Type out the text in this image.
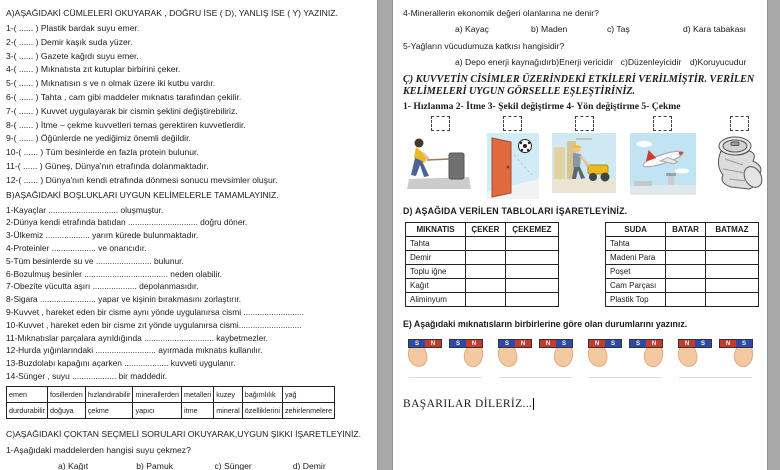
A)AŞAĞIDAKİ CÜMLELERİ OKUYARAK , DOĞRU İSE ( D), YANLIŞ İSE ( Y) YAZINIZ.
1-( ...... ) Plastik bardak suyu emer.
2-( ...... ) Demir kaşık suda yüzer.
3-( ...... ) Gazete kağıdı suyu emer.
4-( ...... ) Mıknatısta zıt kutuplar birbirini çeker.
5-( ...... ) Mıknatısın s ve n olmak üzere iki kutbu vardır.
6-( ...... ) Tahta , cam gibi maddeler mıknatıs tarafından çekilir.
7-( ...... ) Kuvvet uygulayarak bir cismin şeklini değiştirebiliriz.
8-( ...... ) İtme – çekme kuvvetleri temas gerektiren kuvvetlerdir.
9-( ...... ) Öğünlerde ne yediğimiz önemli değildir.
10-( ...... ) Tüm besinlerde en fazla protein bulunur.
11-( ...... ) Güneş, Dünya'nın etrafında dolanmaktadır.
12-( ...... ) Dünya'nın kendi etrafında dönmesi sonucu mevsimler oluşur.
B)AŞAĞIDAKİ BOŞLUKLARI UYGUN KELİMELERLE TAMAMLAYINIZ.
1-Kayaçlar .............................. oluşmuştur.
2-Dünya kendi etrafında batıdan .............................. doğru döner.
3-Ülkemiz ................... yarım kürede bulunmaktadır.
4-Proteinler ................... ve onarıcıdır.
5-Tüm besinlerde su ve ........................ bulunur.
6-Bozulmuş besinler .................................... neden olabilir.
7-Obezite vücutta aşırı ................... depolanmasıdır.
8-Sigara ........................ yapar ve kişinin bırakmasını zorlaştırır.
9-Kuvvet , hareket eden bir cisme aynı yönde uygulanırsa cismi ..........................
10-Kuvvet , hareket eden bir cisme zıt yönde uygulanırsa cismi...........................
11-Mıknatıslar parçalara ayrıldığında .............................. kaybetmezler.
12-Hurda yığınlarındaki .......................... ayırmada mıknatıs kullanılır.
13-Buzdolabı kapağını açarken ................... kuvveti uygulanır.
14-Sünger , suyu ................... bir maddedir.
emen	fosillerden	hızlandırabilir	minerallerden	metalleri	kuzey	bağımlılık	yağ
durdurabilir	doğuya	çekme	yapıcı	itme	mineral	özelliklerini	zehirlenmelere
C)AŞAĞIDAKİ ÇOKTAN SEÇMELİ SORULARI OKUYARAK,UYGUN ŞIKKI İŞARETLEYİNİZ.
1-Aşağıdaki maddelerden hangisi suyu çekmez?
a) Kağıt	b) Pamuk	c) Sünger	d) Demir
4-Minerallerin ekonomik değeri olanlarına ne denir?
a) Kayaç	b) Maden	c) Taş	d) Kara tabakası
5-Yağların vücudumuza katkısı hangisidir?
a) Depo enerji kaynağıdır b)Enerji vericidir c)Düzenleyicidir d)Koruyucudur
Ç) KUVVETİN CİSİMLER ÜZERİNDEKİ ETKİLERİ VERİLMİŞTİR. VERİLEN KELİMELERİ UYGUN GÖRSELLE EŞLEŞTİRİNİZ.
1- Hızlanma 2- İtme 3- Şekil değiştirme 4- Yön değiştirme 5- Çekme
D) AŞAĞIDA VERİLEN TABLOLARI İŞARETLEYİNİZ.
MIKNATIS	ÇEKER	ÇEKEMEZ
Tahta		
Demir		
Toplu iğne		
Kağıt		
Aliminyum		
SUDA	BATAR	BATMAZ
Tahta		
Madeni Para		
Poşet		
Cam Parçası		
Plastik Top		
E) Aşağıdaki mıknatısların birbirlerine göre olan durumlarını yazınız.
S	N	S	N	S	N	N	S	N	S	S	N	N	S	N	S
BAŞARILAR DİLERİZ...
